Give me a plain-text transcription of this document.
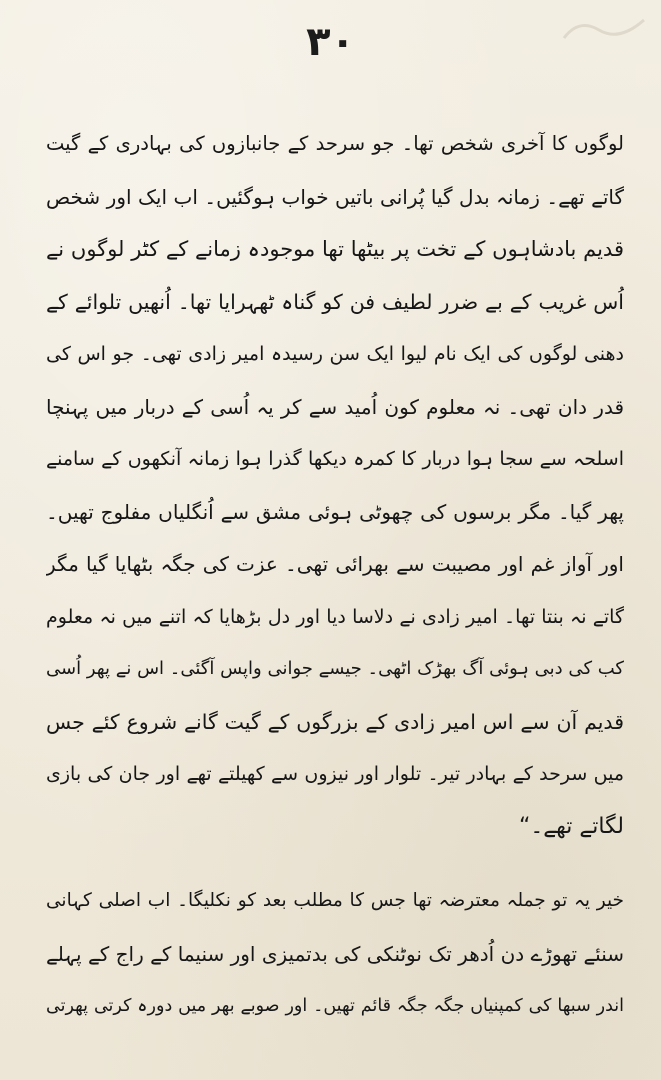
۳۰

لوگوں کا آخری شخص تھا۔ جو سرحد کے جانبازوں کی بہادری کے گیت
گاتے تھے۔ زمانہ بدل گیا پُرانی باتیں خواب ہوگئیں۔ اب ایک اور شخص
قدیم بادشاہوں کے تخت پر بیٹھا تھا موجودہ زمانے کے کٹر لوگوں نے
اُس غریب کے بے ضرر لطیف فن کو گناہ ٹھہرایا تھا۔ اُنھیں تلوائے کے
دھنی لوگوں کی ایک نام لیوا ایک سن رسیدہ امیر زادی تھی۔ جو اس کی
قدر دان تھی۔ نہ معلوم کون اُمید سے کر یہ اُسی کے دربار میں پہنچا
اسلحہ سے سجا ہوا دربار کا کمرہ دیکھا گذرا ہوا زمانہ آنکھوں کے سامنے
پھر گیا۔ مگر برسوں کی چھوٹی ہوئی مشق سے اُنگلیاں مفلوج تھیں۔
اور آواز غم اور مصیبت سے بھرائی تھی۔ عزت کی جگہ بٹھایا گیا مگر
گاتے نہ بنتا تھا۔ امیر زادی نے دلاسا دیا اور دل بڑھایا کہ اتنے میں نہ معلوم
کب کی دبی ہوئی آگ بھڑک اٹھی۔ جیسے جوانی واپس آگئی۔ اس نے پھر اُسی
قدیم آن سے اس امیر زادی کے بزرگوں کے گیت گانے شروع کئے جس
میں سرحد کے بہادر تیر۔ تلوار اور نیزوں سے کھیلتے تھے اور جان کی بازی
لگاتے تھے۔“

خیر یہ تو جملہ معترضہ تھا جس کا مطلب بعد کو نکلیگا۔ اب اصلی کہانی
سنئے تھوڑے دن اُدھر تک نوٹنکی کی بدتمیزی اور سنیما کے راج کے پہلے
اندر سبھا کی کمپنیاں جگہ جگہ قائم تھیں۔ اور صوبے بھر میں دورہ کرتی پھرتی
